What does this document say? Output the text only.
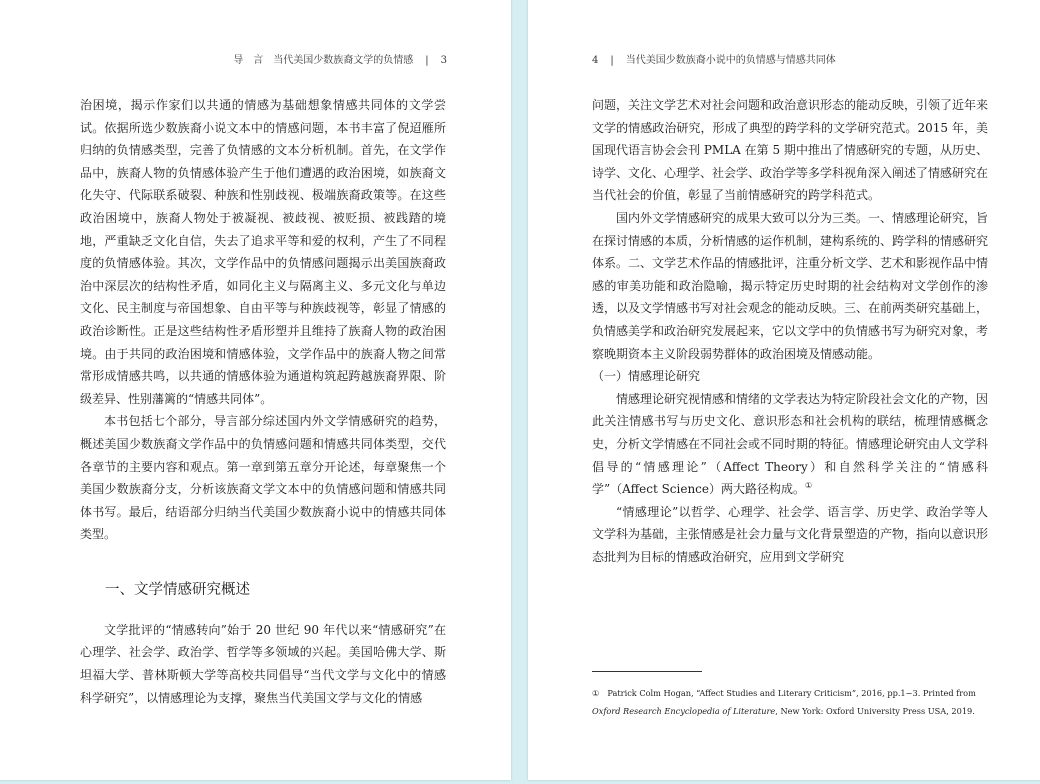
导　言　当代美国少数族裔文学的负情感 | 3

治困境，揭示作家们以共通的情感为基础想象情感共同体的文学尝试。依据所选少数族裔小说文本中的情感问题，本书丰富了倪迢雁所归纳的负情感类型，完善了负情感的文本分析机制。首先，在文学作品中，族裔人物的负情感体验产生于他们遭遇的政治困境，如族裔文化失守、代际联系破裂、种族和性别歧视、极端族裔政策等。在这些政治困境中，族裔人物处于被凝视、被歧视、被贬损、被践踏的境地，严重缺乏文化自信，失去了追求平等和爱的权利，产生了不同程度的负情感体验。其次，文学作品中的负情感问题揭示出美国族裔政治中深层次的结构性矛盾，如同化主义与隔离主义、多元文化与单边文化、民主制度与帝国想象、自由平等与种族歧视等，彰显了情感的政治诊断性。正是这些结构性矛盾形塑并且维持了族裔人物的政治困境。由于共同的政治困境和情感体验，文学作品中的族裔人物之间常常形成情感共鸣，以共通的情感体验为通道构筑起跨越族裔界限、阶级差异、性别藩篱的“情感共同体”。

本书包括七个部分，导言部分综述国内外文学情感研究的趋势，概述美国少数族裔文学作品中的负情感问题和情感共同体类型，交代各章节的主要内容和观点。第一章到第五章分开论述，每章聚焦一个美国少数族裔分支，分析该族裔文学文本中的负情感问题和情感共同体书写。最后，结语部分归纳当代美国少数族裔小说中的情感共同体类型。

一、文学情感研究概述

文学批评的“情感转向”始于 20 世纪 90 年代以来“情感研究”在心理学、社会学、政治学、哲学等多领域的兴起。美国哈佛大学、斯坦福大学、普林斯顿大学等高校共同倡导“当代文学与文化中的情感科学研究”，以情感理论为支撑，聚焦当代美国文学与文化的情感

4 | 当代美国少数族裔小说中的负情感与情感共同体

问题，关注文学艺术对社会问题和政治意识形态的能动反映，引领了近年来文学的情感政治研究，形成了典型的跨学科的文学研究范式。2015 年，美国现代语言协会会刊 PMLA 在第 5 期中推出了情感研究的专题，从历史、诗学、文化、心理学、社会学、政治学等多学科视角深入阐述了情感研究在当代社会的价值，彰显了当前情感研究的跨学科范式。

国内外文学情感研究的成果大致可以分为三类。一、情感理论研究，旨在探讨情感的本质，分析情感的运作机制，建构系统的、跨学科的情感研究体系。二、文学艺术作品的情感批评，注重分析文学、艺术和影视作品中情感的审美功能和政治隐喻，揭示特定历史时期的社会结构对文学创作的渗透，以及文学情感书写对社会观念的能动反映。三、在前两类研究基础上，负情感美学和政治研究发展起来，它以文学中的负情感书写为研究对象，考察晚期资本主义阶段弱势群体的政治困境及情感动能。

（一）情感理论研究

情感理论研究视情感和情绪的文学表达为特定阶段社会文化的产物，因此关注情感书写与历史文化、意识形态和社会机构的联结，梳理情感概念史，分析文学情感在不同社会或不同时期的特征。情感理论研究由人文学科倡导的“情感理论”（Affect Theory）和自然科学关注的“情感科学”（Affect Science）两大路径构成。①

“情感理论”以哲学、心理学、社会学、语言学、历史学、政治学等人文学科为基础，主张情感是社会力量与文化背景塑造的产物，指向以意识形态批判为目标的情感政治研究，应用到文学研究

① Patrick Colm Hogan, “Affect Studies and Literary Criticism”, 2016, pp.1−3. Printed from
Oxford Research Encyclopedia of Literature, New York: Oxford University Press USA, 2019.
